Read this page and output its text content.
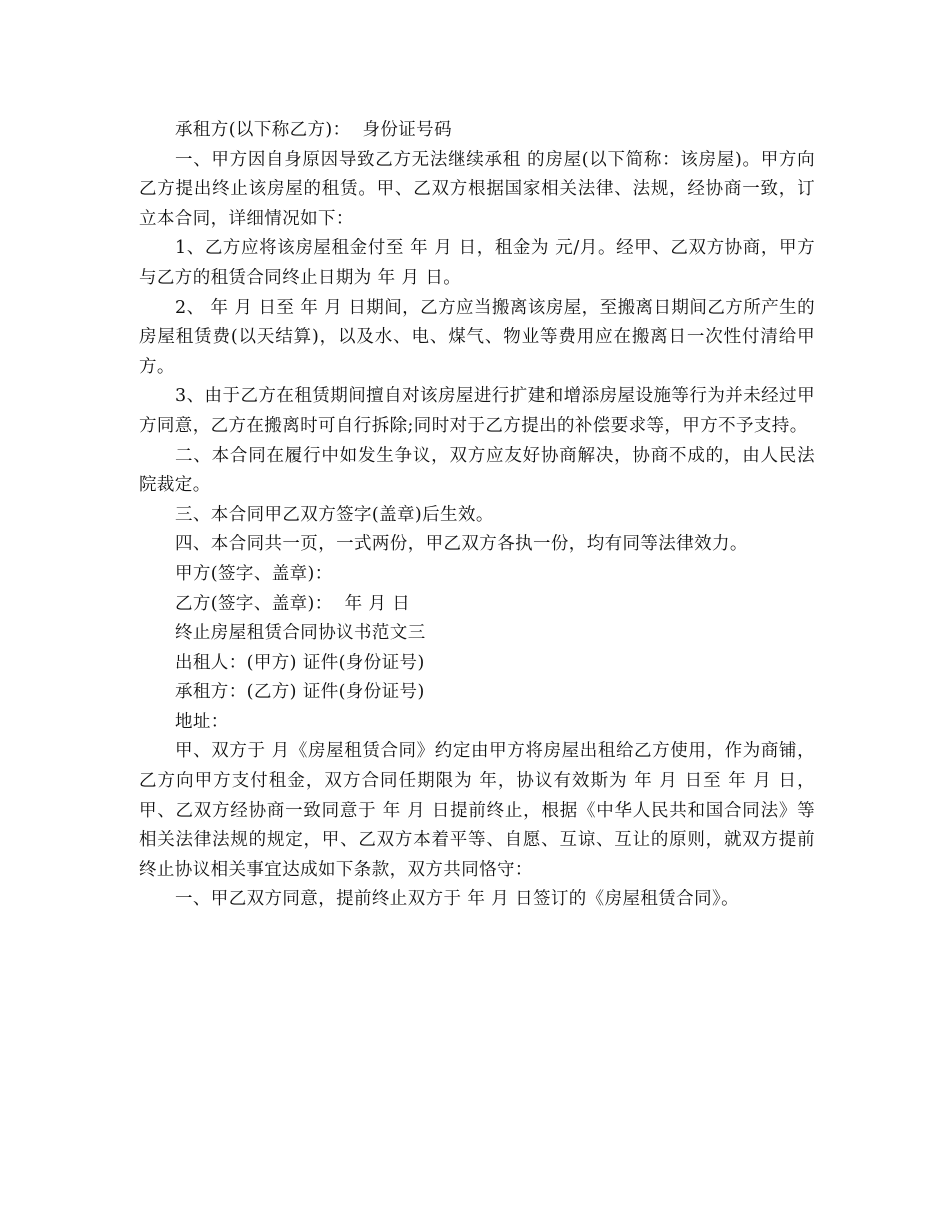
承租方(以下称乙方)：  身份证号码

一、甲方因自身原因导致乙方无法继续承租 的房屋(以下简称：该房屋)。甲方向乙方提出终止该房屋的租赁。甲、乙双方根据国家相关法律、法规，经协商一致，订立本合同，详细情况如下：

1、乙方应将该房屋租金付至 年 月 日，租金为 元/月。经甲、乙双方协商，甲方与乙方的租赁合同终止日期为 年 月 日。

2、 年 月 日至 年 月 日期间，乙方应当搬离该房屋，至搬离日期间乙方所产生的房屋租赁费(以天结算)，以及水、电、煤气、物业等费用应在搬离日一次性付清给甲方。

3、由于乙方在租赁期间擅自对该房屋进行扩建和增添房屋设施等行为并未经过甲方同意，乙方在搬离时可自行拆除;同时对于乙方提出的补偿要求等，甲方不予支持。

二、本合同在履行中如发生争议，双方应友好协商解决，协商不成的，由人民法院裁定。

三、本合同甲乙双方签字(盖章)后生效。

四、本合同共一页，一式两份，甲乙双方各执一份，均有同等法律效力。

甲方(签字、盖章)：

乙方(签字、盖章)：  年 月 日

终止房屋租赁合同协议书范文三

出租人：(甲方) 证件(身份证号)

承租方：(乙方) 证件(身份证号)

地址：

甲、双方于 月《房屋租赁合同》约定由甲方将房屋出租给乙方使用，作为商铺，乙方向甲方支付租金，双方合同任期限为 年，协议有效斯为 年 月 日至 年 月 日，甲、乙双方经协商一致同意于 年 月 日提前终止，根据《中华人民共和国合同法》等相关法律法规的规定，甲、乙双方本着平等、自愿、互谅、互让的原则，就双方提前终止协议相关事宜达成如下条款，双方共同恪守：

一、甲乙双方同意，提前终止双方于 年 月 日签订的《房屋租赁合同》。
